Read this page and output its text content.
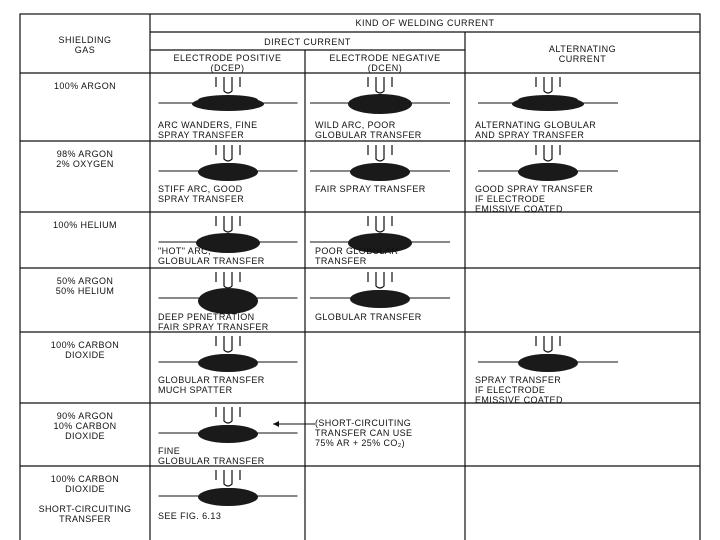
SHIELDING
GAS
KIND OF WELDING CURRENT
DIRECT CURRENT
ELECTRODE POSITIVE
(DCEP)
ELECTRODE NEGATIVE
(DCEN)
ALTERNATING
CURRENT
100% ARGON
ARC WANDERS, FINE
SPRAY TRANSFER
WILD ARC, POOR
GLOBULAR TRANSFER
ALTERNATING GLOBULAR
AND SPRAY TRANSFER
98% ARGON
2% OXYGEN
STIFF ARC, GOOD
SPRAY TRANSFER
FAIR SPRAY TRANSFER	GOOD SPRAY TRANSFER
IF ELECTRODE
EMISSIVE COATED
100% HELIUM
"HOT" ARC,
GLOBULAR TRANSFER
POOR GLOBULAR
TRANSFER
50% ARGON
50% HELIUM
DEEP PENETRATION
FAIR SPRAY TRANSFER
GLOBULAR TRANSFER
100% CARBON
DIOXIDE
GLOBULAR TRANSFER
MUCH SPATTER
SPRAY TRANSFER
IF ELECTRODE
EMISSIVE COATED
90% ARGON
10% CARBON
DIOXIDE
FINE
GLOBULAR TRANSFER
(SHORT-CIRCUITING
TRANSFER CAN USE
75% AR + 25% CO₂)
100% CARBON
DIOXIDE

SHORT-CIRCUITING
TRANSFER	SEE FIG. 6.13
